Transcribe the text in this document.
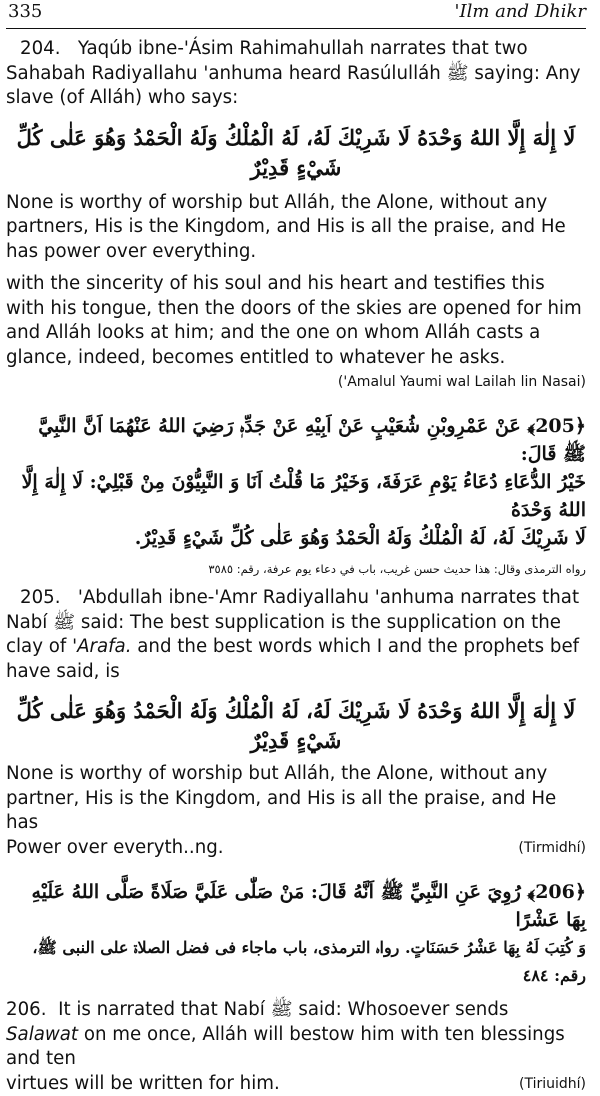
335	'Ilm and Dhikr

204. Yaqúb ibne-'Ásim Rahimahullah narrates that two Sahabah Radiyallahu 'anhuma heard Rasúlulláh ﷺ saying: Any slave (of Alláh) who says:

لَا إِلٰهَ إِلَّا اللهُ وَحْدَهُ لَا شَرِيْكَ لَهُ، لَهُ الْمُلْكُ وَلَهُ الْحَمْدُ وَهُوَ عَلٰى كُلِّ شَيْءٍ قَدِيْرٌ

None is worthy of worship but Alláh, the Alone, without any partners, His is the Kingdom, and His is all the praise, and He has power over everything.

with the sincerity of his soul and his heart and testifies this with his tongue, then the doors of the skies are opened for him and Alláh looks at him; and the one on whom Alláh casts a glance, indeed, becomes entitled to whatever he asks.

('Amalul Yaumi wal Lailah lin Nasai)

﴿205﴾ عَنْ عَمْرِوبْنِ شُعَيْبٍ عَنْ اَبِيْهِ عَنْ جَدِّهٖ رَضِيَ اللهُ عَنْهُمَا اَنَّ النَّبِيَّ ﷺ قَالَ:

خَيْرُ الدُّعَاءِ دُعَاءُ يَوْمِ عَرَفَةَ، وَخَيْرُ مَا قُلْتُ اَنَا وَ النَّبِيُّوْنَ مِنْ قَبْلِيْ: لَا إِلٰهَ إِلَّا اللهُ وَحْدَهُ

لَا شَرِيْكَ لَهُ، لَهُ الْمُلْكُ وَلَهُ الْحَمْدُ وَهُوَ عَلٰى كُلِّ شَيْءٍ قَدِيْرٌ.

رواه الترمذی وقال: هذا حدیث حسن غریب، باب في دعاء يوم عرفة، رقم: ٣٥٨٥

205. 'Abdullah ibne-'Amr Radiyallahu 'anhuma narrates that Nabí ﷺ said: The best supplication is the supplication on the clay of 'Arafa. and the best words which I and the prophets bef
have said, is

لَا إِلٰهَ إِلَّا اللهُ وَحْدَهُ لَا شَرِيْكَ لَهُ، لَهُ الْمُلْكُ وَلَهُ الْحَمْدُ وَهُوَ عَلٰى كُلِّ شَيْءٍ قَدِيْرٌ

None is worthy of worship but Alláh, the Alone, without any partner, His is the Kingdom, and His is all the praise, and He has

Power over everyth..ng.	(Tirmidhí)

﴿206﴾ رُوِيَ عَنِ النَّبِيِّ ﷺ اَنَّهُ قَالَ: مَنْ صَلّٰى عَلَيَّ صَلَاةً صَلَّى اللهُ عَلَيْهِ بِهَا عَشْرًا

وَ كُتِبَ لَهُ بِهَا عَشْرُ حَسَنَاتٍ. رواہ الترمذی، باب ماجاء فی فضل الصلاۃ علی النبی ﷺ، رقم: ٤٨٤

206. It is narrated that Nabí ﷺ said: Whosoever sends Salawat on me once, Alláh will bestow him with ten blessings and ten

virtues will be written for him.	(Tiriuidhí)
